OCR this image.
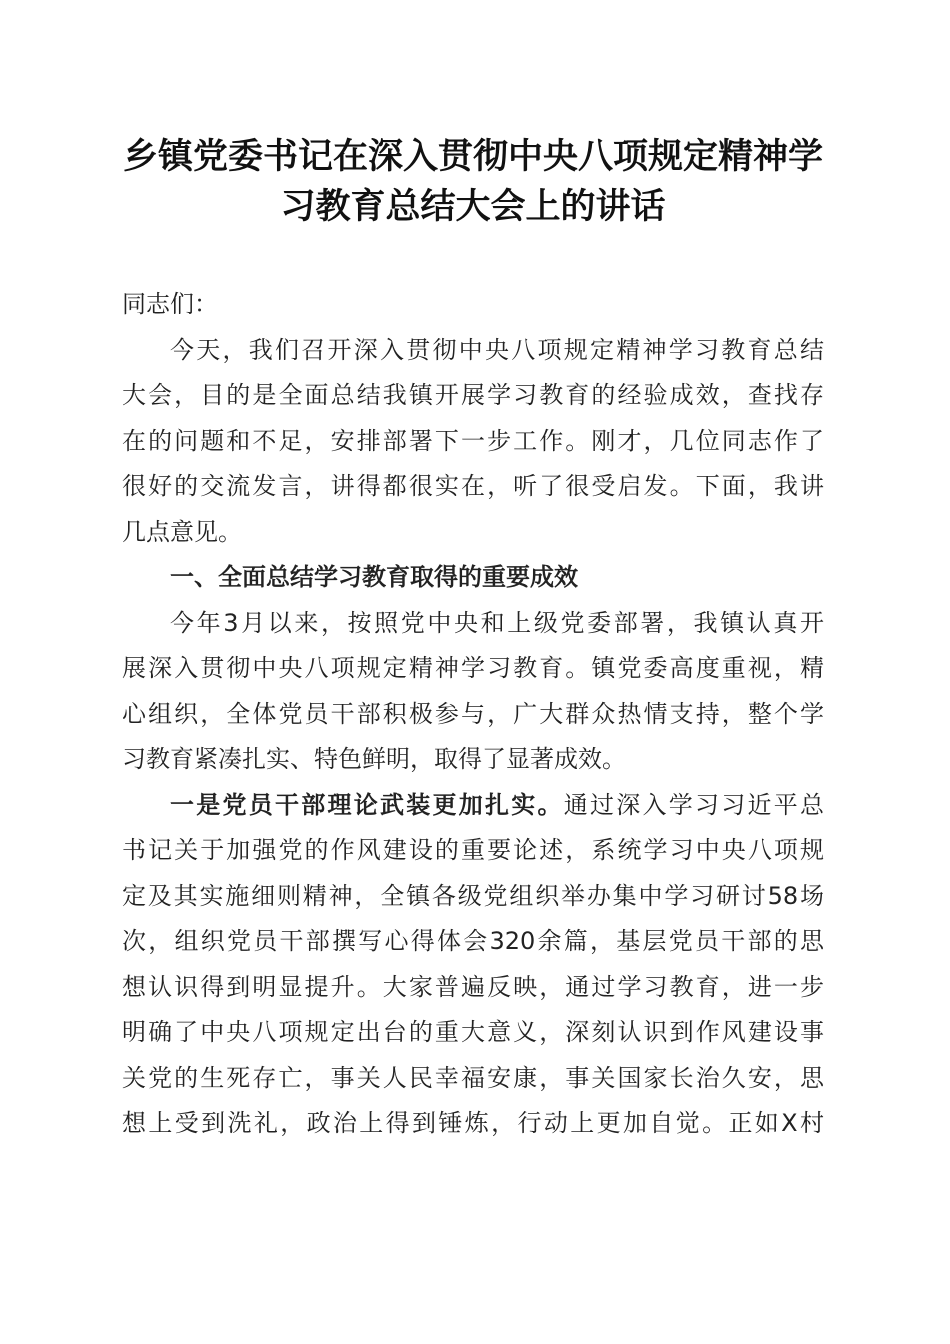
乡镇党委书记在深入贯彻中央八项规定精神学
习教育总结大会上的讲话
同志们：
今天，我们召开深入贯彻中央八项规定精神学习教育总结
大会，目的是全面总结我镇开展学习教育的经验成效，查找存
在的问题和不足，安排部署下一步工作。刚才，几位同志作了
很好的交流发言，讲得都很实在，听了很受启发。下面，我讲
几点意见。
一、全面总结学习教育取得的重要成效
今年3月以来，按照党中央和上级党委部署，我镇认真开
展深入贯彻中央八项规定精神学习教育。镇党委高度重视，精
心组织，全体党员干部积极参与，广大群众热情支持，整个学
习教育紧凑扎实、特色鲜明，取得了显著成效。
一是党员干部理论武装更加扎实。通过深入学习习近平总
书记关于加强党的作风建设的重要论述，系统学习中央八项规
定及其实施细则精神，全镇各级党组织举办集中学习研讨58场
次，组织党员干部撰写心得体会320余篇，基层党员干部的思
想认识得到明显提升。大家普遍反映，通过学习教育，进一步
明确了中央八项规定出台的重大意义，深刻认识到作风建设事
关党的生死存亡，事关人民幸福安康，事关国家长治久安，思
想上受到洗礼，政治上得到锤炼，行动上更加自觉。正如X村
